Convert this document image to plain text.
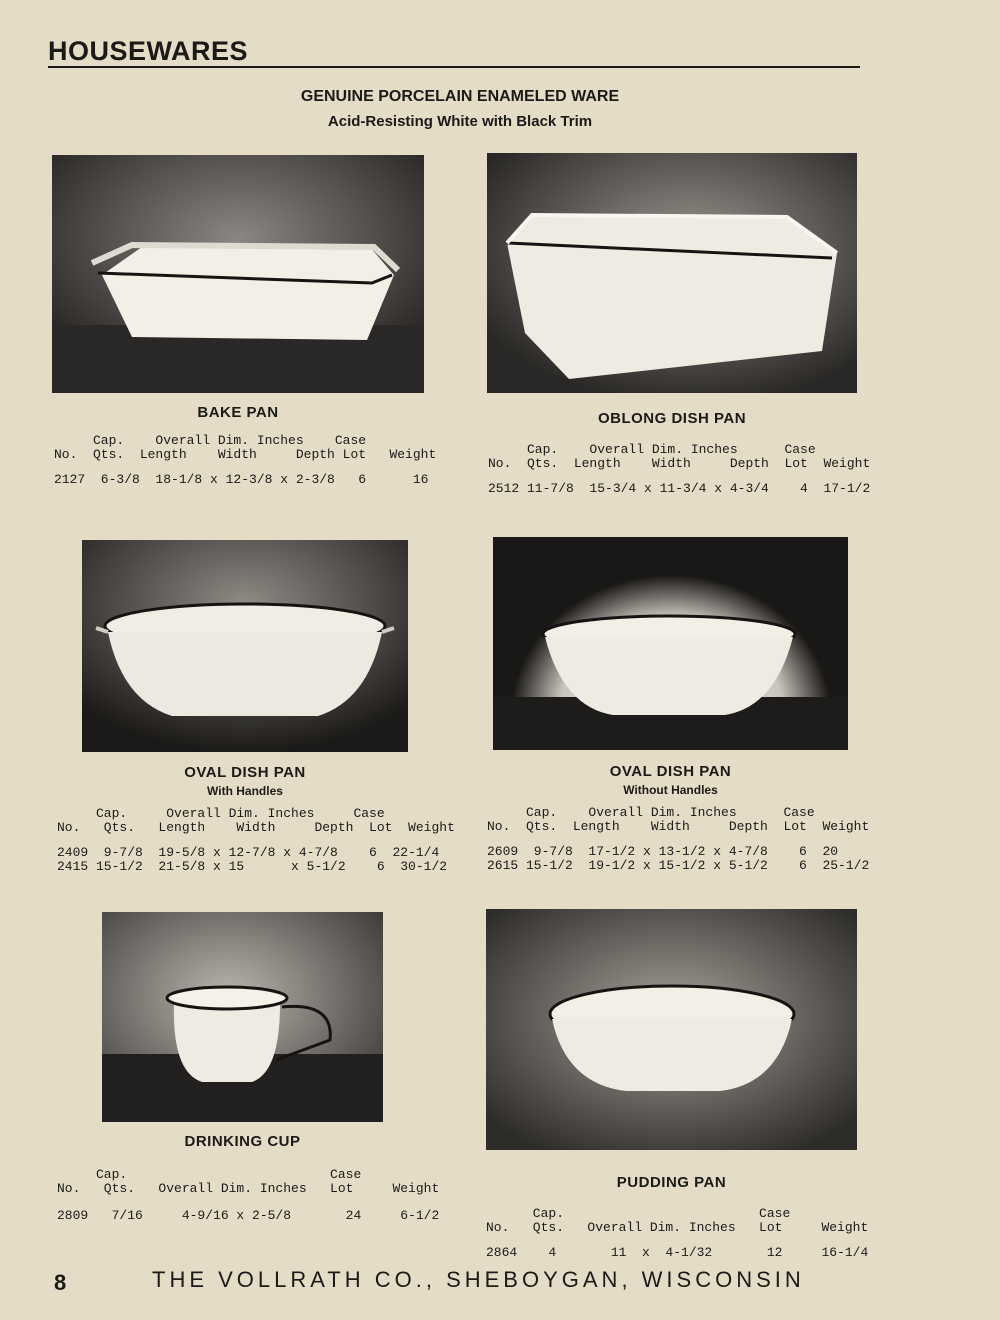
HOUSEWARES
GENUINE PORCELAIN ENAMELED WARE
Acid-Resisting White with Black Trim
BAKE PAN
Cap.    Overall Dim. Inches    Case
No.  Qts.  Length    Width     Depth Lot   Weight
2127  6-3/8  18-1/8 x 12-3/8 x 2-3/8   6      16
OBLONG DISH PAN
Cap.    Overall Dim. Inches      Case
No.  Qts.  Length    Width     Depth  Lot  Weight
2512 11-7/8  15-3/4 x 11-3/4 x 4-3/4    4  17-1/2
OVAL DISH PAN
With Handles
Cap.     Overall Dim. Inches     Case
No.   Qts.   Length    Width     Depth  Lot  Weight
2409  9-7/8  19-5/8 x 12-7/8 x 4-7/8    6  22-1/4
2415 15-1/2  21-5/8 x 15      x 5-1/2    6  30-1/2
OVAL DISH PAN
Without Handles
Cap.    Overall Dim. Inches      Case
No.  Qts.  Length    Width     Depth  Lot  Weight
2609  9-7/8  17-1/2 x 13-1/2 x 4-7/8    6  20
2615 15-1/2  19-1/2 x 15-1/2 x 5-1/2    6  25-1/2
DRINKING CUP
Cap.                          Case
No.   Qts.   Overall Dim. Inches   Lot     Weight
2809   7/16     4-9/16 x 2-5/8       24     6-1/2
PUDDING PAN
Cap.                         Case
No.   Qts.   Overall Dim. Inches   Lot     Weight
2864    4       11  x  4-1/32       12     16-1/4
8	THE VOLLRATH CO., SHEBOYGAN, WISCONSIN
